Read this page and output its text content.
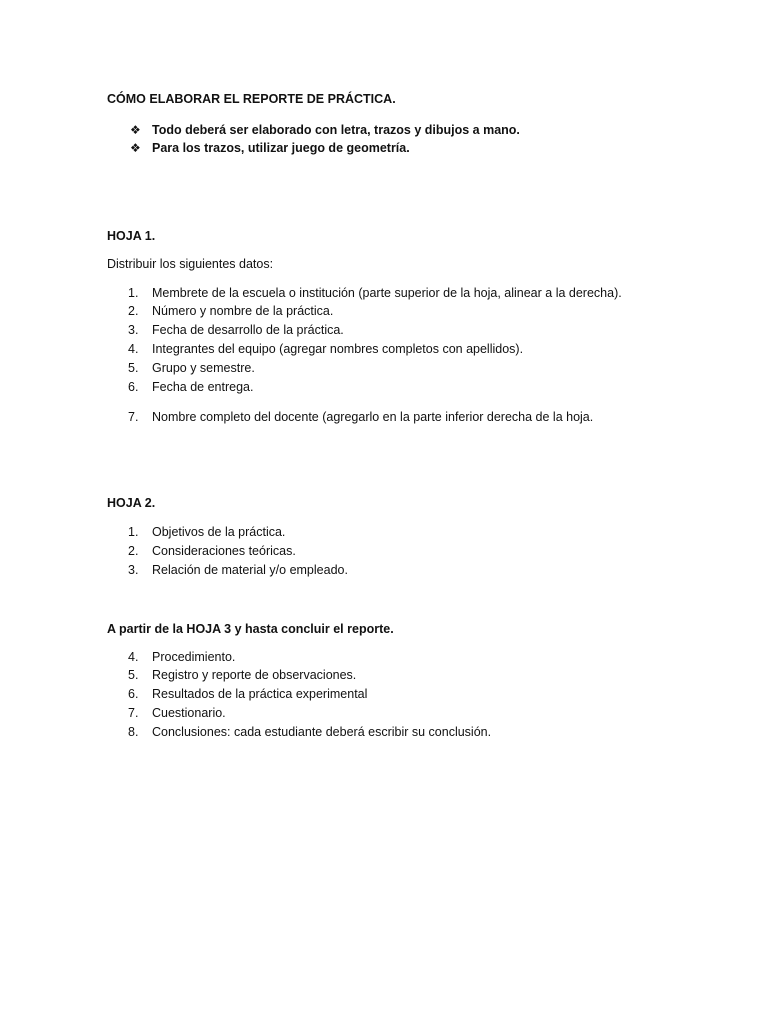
CÓMO ELABORAR EL REPORTE DE PRÁCTICA.
❖ Todo deberá ser elaborado con letra, trazos y dibujos a mano.
❖ Para los trazos, utilizar juego de geometría.
HOJA 1.
Distribuir los siguientes datos:
1. Membrete de la escuela o institución (parte superior de la hoja, alinear a la derecha).
2. Número y nombre de la práctica.
3. Fecha de desarrollo de la práctica.
4. Integrantes del equipo (agregar nombres completos con apellidos).
5. Grupo y semestre.
6. Fecha de entrega.
7. Nombre completo del docente (agregarlo en la parte inferior derecha de la hoja.
HOJA 2.
1. Objetivos de la práctica.
2. Consideraciones teóricas.
3. Relación de material y/o empleado.
A partir de la HOJA 3 y hasta concluir el reporte.
4. Procedimiento.
5. Registro y reporte de observaciones.
6. Resultados de la práctica experimental
7. Cuestionario.
8. Conclusiones: cada estudiante deberá escribir su conclusión.
